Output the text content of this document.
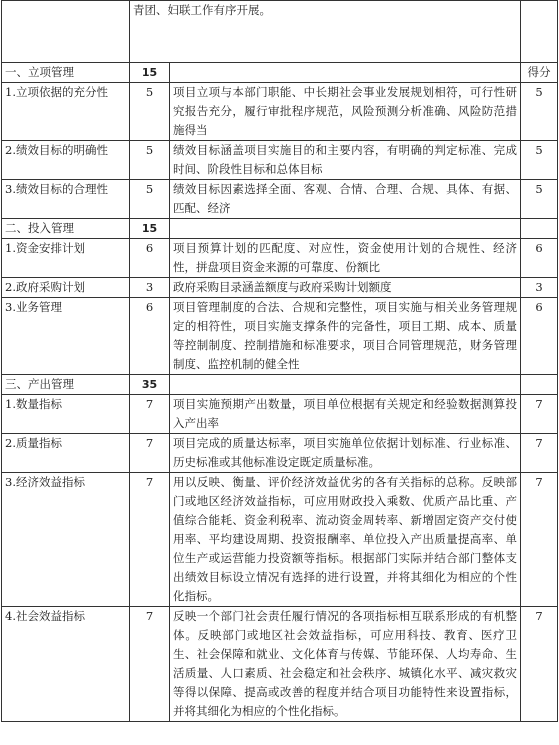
	青团、妇联工作有序开展。		
一、立项管理	15		得分
1.立项依据的充分性	5	项目立项与本部门职能、中长期社会事业发展规划相符，可行性研究报告充分，履行审批程序规范，风险预测分析准确、风险防范措施得当	5
2.绩效目标的明确性	5	绩效目标涵盖项目实施目的和主要内容，有明确的判定标准、完成时间、阶段性目标和总体目标	5
3.绩效目标的合理性	5	绩效目标因素选择全面、客观、合情、合理、合规、具体、有据、匹配、经济	5
二、投入管理	15		
1.资金安排计划	6	项目预算计划的匹配度、对应性，资金使用计划的合规性、经济性，拼盘项目资金来源的可靠度、份额比	6
2.政府采购计划	3	政府采购目录涵盖额度与政府采购计划额度	3
3.业务管理	6	项目管理制度的合法、合规和完整性，项目实施与相关业务管理规定的相符性，项目实施支撑条件的完备性，项目工期、成本、质量等控制制度、控制措施和标准要求，项目合同管理规范，财务管理制度、监控机制的健全性	6
三、产出管理	35		
1.数量指标	7	项目实施预期产出数量，项目单位根据有关规定和经验数据测算投入产出率	7
2.质量指标	7	项目完成的质量达标率，项目实施单位依据计划标准、行业标准、历史标准或其他标准设定既定质量标准。	7
3.经济效益指标	7	用以反映、衡量、评价经济效益优劣的各有关指标的总称。反映部门或地区经济效益指标，可应用财政投入乘数、优质产品比重、产值综合能耗、资金利税率、流动资金周转率、新增固定资产交付使用率、平均建设周期、投资报酬率、单位投入产出质量提高率、单位生产或运营能力投资额等指标。根据部门实际并结合部门整体支出绩效目标设立情况有选择的进行设置，并将其细化为相应的个性化指标。	7
4.社会效益指标	7	反映一个部门社会责任履行情况的各项指标相互联系形成的有机整体。反映部门或地区社会效益指标，可应用科技、教育、医疗卫生、社会保障和就业、文化体育与传媒、节能环保、人均寿命、生活质量、人口素质、社会稳定和社会秩序、城镇化水平、减灾救灾等得以保障、提高或改善的程度并结合项目功能特性来设置指标，并将其细化为相应的个性化指标。	7
